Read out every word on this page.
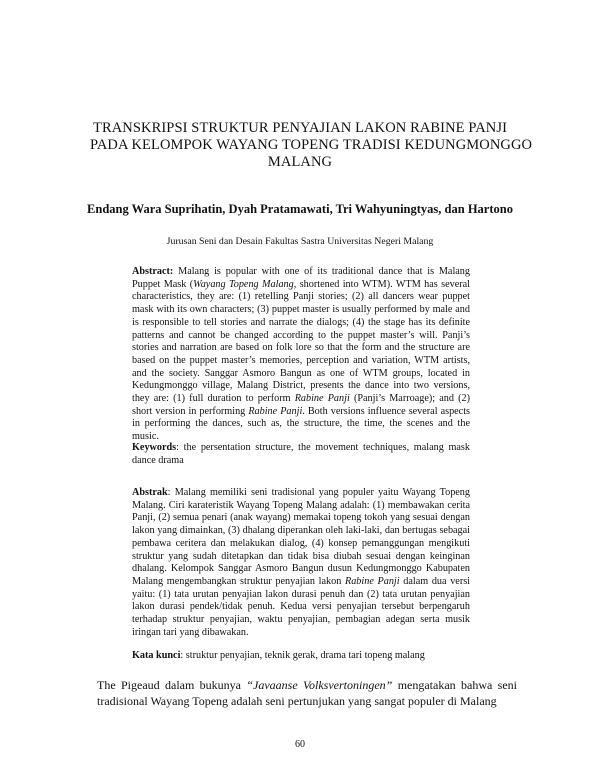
TRANSKRIPSI STRUKTUR PENYAJIAN LAKON RABINE PANJI
PADA KELOMPOK WAYANG TOPENG TRADISI KEDUNGMONGGO
MALANG
Endang Wara Suprihatin, Dyah Pratamawati, Tri Wahyuningtyas, dan Hartono
Jurusan Seni dan Desain Fakultas Sastra Universitas Negeri Malang
Abstract: Malang is popular with one of its traditional dance that is Malang Puppet Mask (Wayang Topeng Malang, shortened into WTM). WTM has several characteristics, they are: (1) retelling Panji stories; (2) all dancers wear puppet mask with its own characters; (3) puppet master is usually performed by male and is responsible to tell stories and narrate the dialogs; (4) the stage has its definite patterns and cannot be changed according to the puppet master’s will. Panji’s stories and narration are based on folk lore so that the form and the structure are based on the puppet master’s memories, perception and variation, WTM artists, and the society. Sanggar Asmoro Bangun as one of WTM groups, located in Kedungmonggo village, Malang District, presents the dance into two versions, they are: (1) full duration to perform Rabine Panji (Panji’s Marroage); and (2) short version in performing Rabine Panji. Both versions influence several aspects in performing the dances, such as, the structure, the time, the scenes and the music.
Keywords: the persentation structure, the movement techniques, malang mask dance drama
Abstrak: Malang memiliki seni tradisional yang populer yaitu Wayang Topeng Malang. Ciri karateristik Wayang Topeng Malang adalah: (1) membawakan cerita Panji, (2) semua penari (anak wayang) memakai topeng tokoh yang sesuai dengan lakon yang dimainkan, (3) dhalang diperankan oleh laki-laki, dan bertugas sebagai pembawa ceritera dan melakukan dialog, (4) konsep pemanggungan mengikuti struktur yang sudah ditetapkan dan tidak bisa diubah sesuai dengan keinginan dhalang. Kelompok Sanggar Asmoro Bangun dusun Kedungmonggo Kabupaten Malang mengembangkan struktur penyajian lakon Rabine Panji dalam dua versi yaitu: (1) tata urutan penyajian lakon durasi penuh dan (2) tata urutan penyajian lakon durasi pendek/tidak penuh. Kedua versi penyajian tersebut berpengaruh terhadap struktur penyajian, waktu penyajian, pembagian adegan serta musik iringan tari yang dibawakan.
Kata kunci: struktur penyajian, teknik gerak, drama tari topeng malang
The Pigeaud dalam bukunya “Javaanse Volksvertoningen” mengatakan bahwa seni tradisional Wayang Topeng adalah seni pertunjukan yang sangat populer di Malang
60
